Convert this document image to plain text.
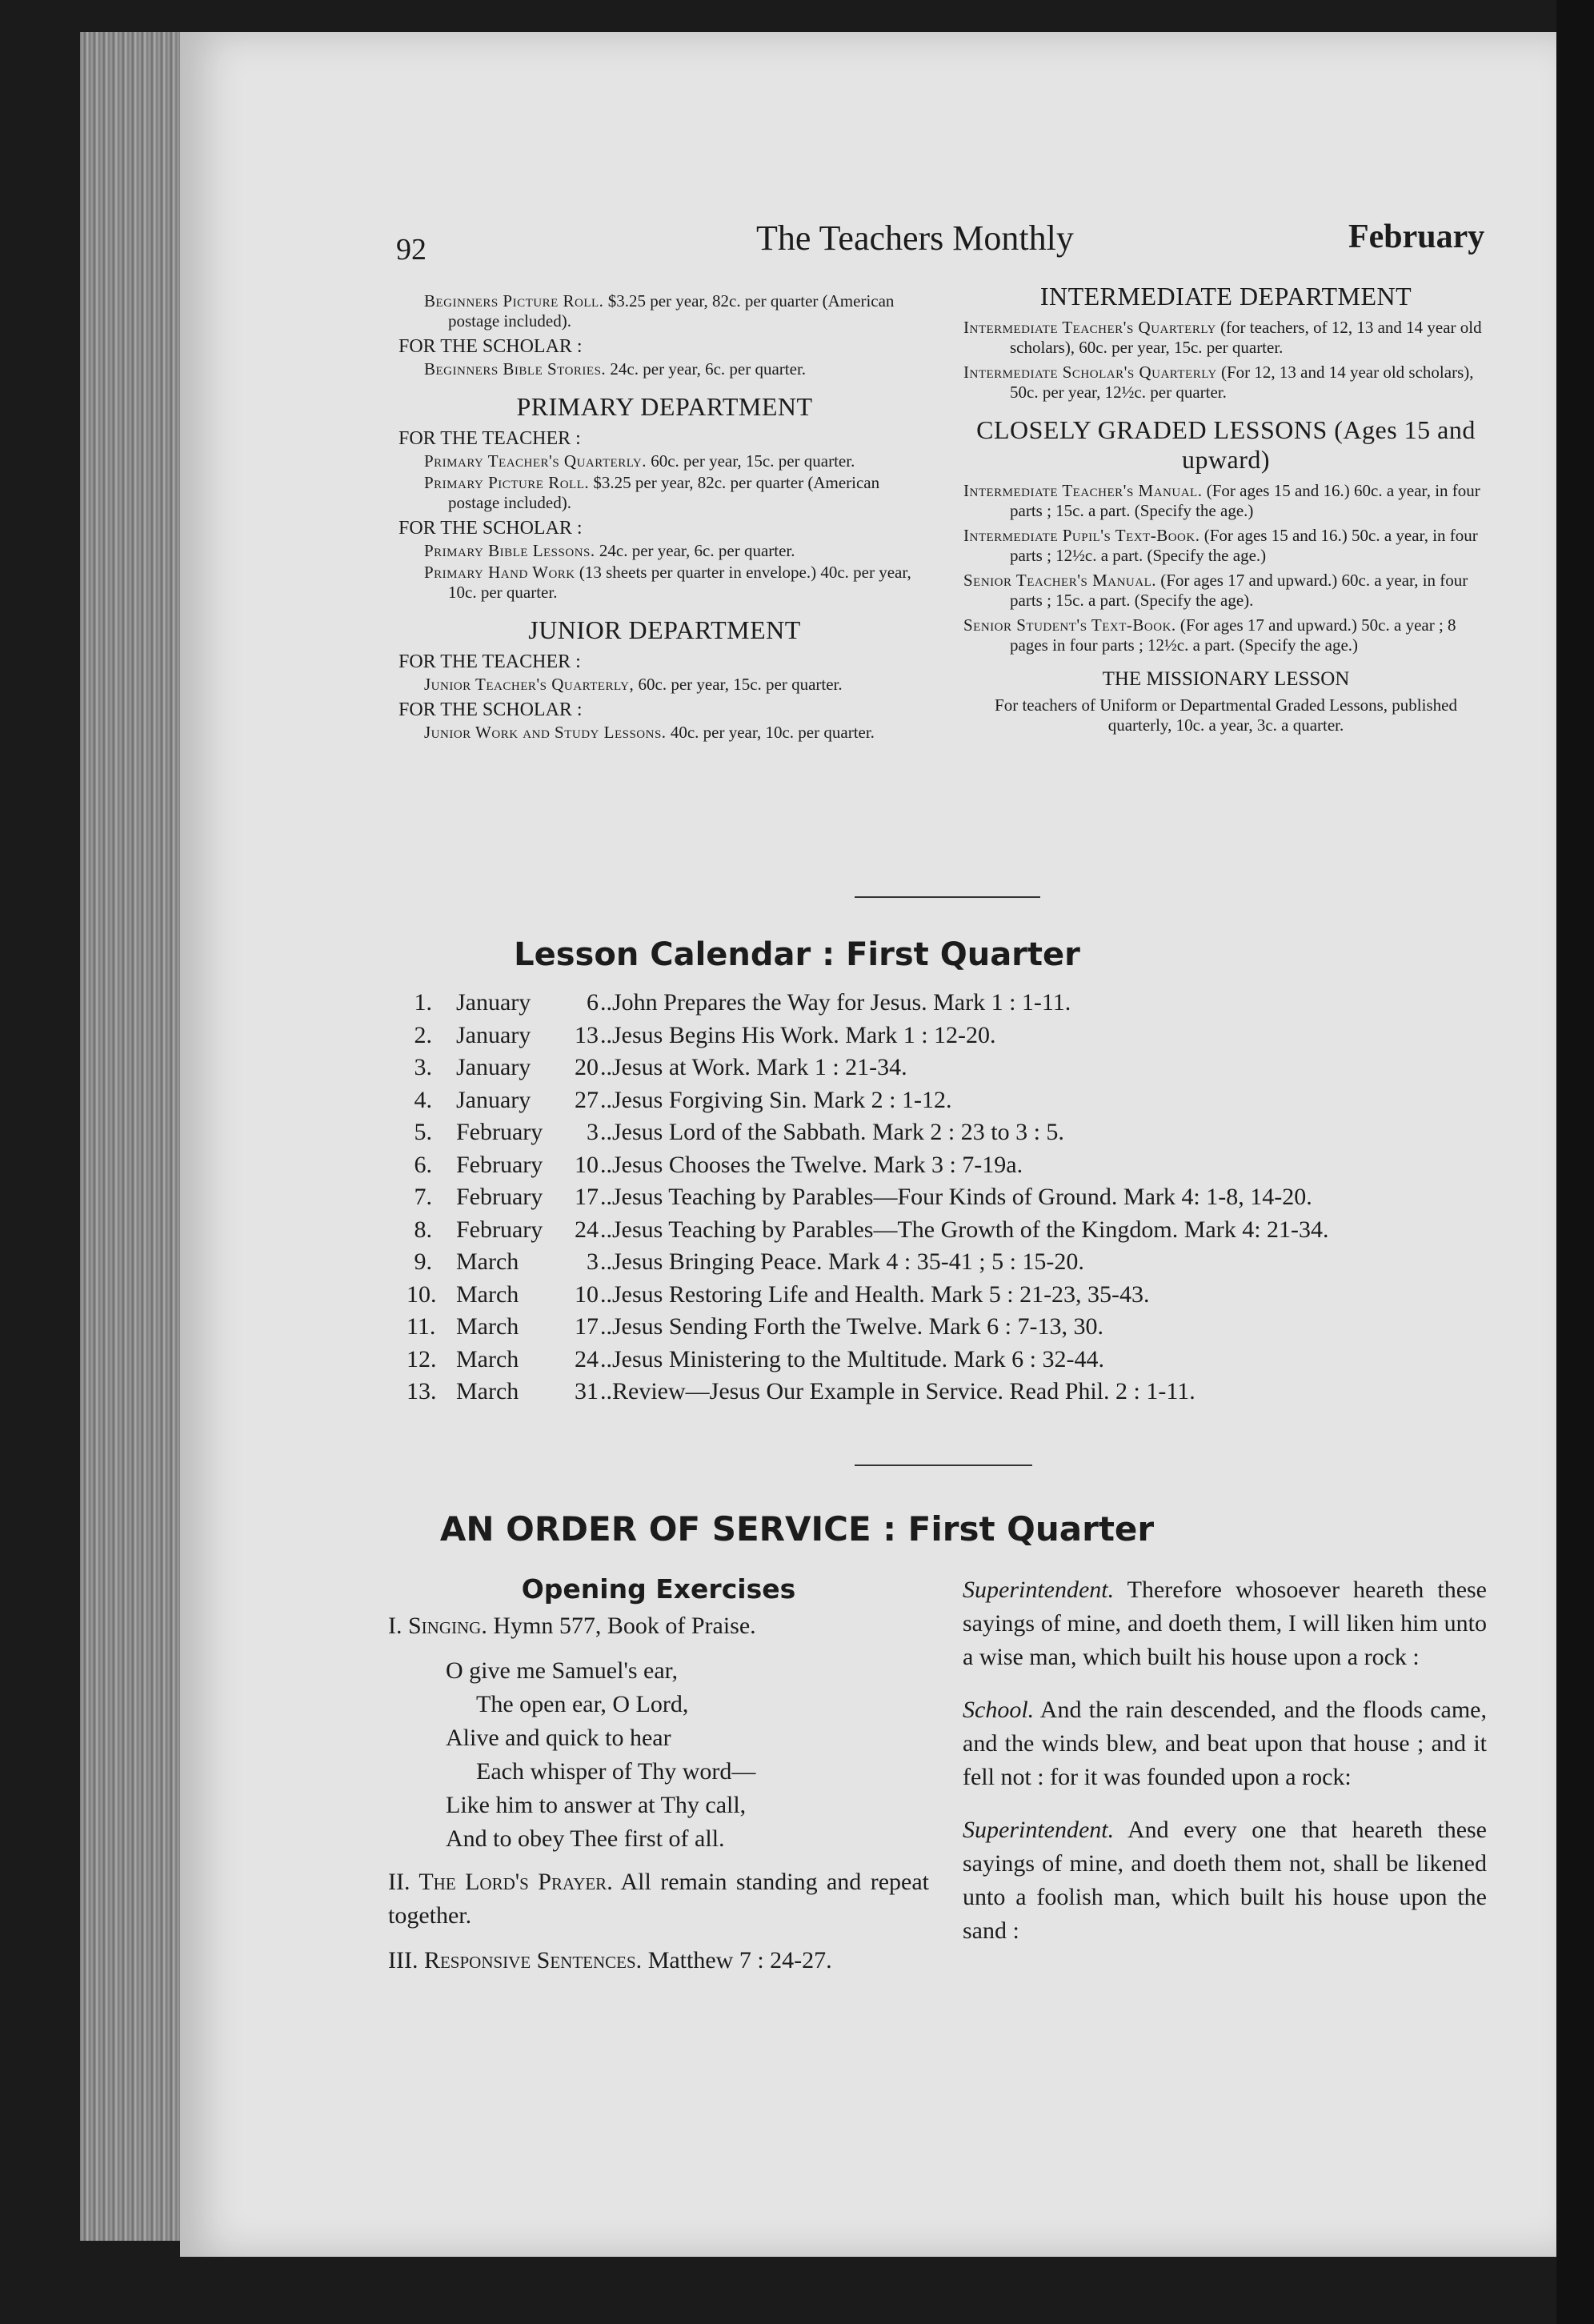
92	The Teachers Monthly	February
Beginners Picture Roll. $3.25 per year, 82c. per quarter (American postage included).
FOR THE SCHOLAR :
Beginners Bible Stories. 24c. per year, 6c. per quarter.
PRIMARY DEPARTMENT
FOR THE TEACHER :
Primary Teacher's Quarterly. 60c. per year, 15c. per quarter.
Primary Picture Roll. $3.25 per year, 82c. per quarter (American postage included).
FOR THE SCHOLAR :
Primary Bible Lessons. 24c. per year, 6c. per quarter.
Primary Hand Work (13 sheets per quarter in envelope.) 40c. per year, 10c. per quarter.
JUNIOR DEPARTMENT
FOR THE TEACHER :
Junior Teacher's Quarterly, 60c. per year, 15c. per quarter.
FOR THE SCHOLAR :
Junior Work and Study Lessons. 40c. per year, 10c. per quarter.
INTERMEDIATE DEPARTMENT
Intermediate Teacher's Quarterly (for teachers, of 12, 13 and 14 year old scholars), 60c. per year, 15c. per quarter.
Intermediate Scholar's Quarterly (For 12, 13 and 14 year old scholars), 50c. per year, 12½c. per quarter.
CLOSELY GRADED LESSONS (Ages 15 and upward)
Intermediate Teacher's Manual. (For ages 15 and 16.) 60c. a year, in four parts ; 15c. a part. (Specify the age.)
Intermediate Pupil's Text-Book. (For ages 15 and 16.) 50c. a year, in four parts ; 12½c. a part. (Specify the age.)
Senior Teacher's Manual. (For ages 17 and upward.) 60c. a year, in four parts ; 15c. a part. (Specify the age).
Senior Student's Text-Book. (For ages 17 and upward.) 50c. a year ; 8 pages in four parts ; 12½c. a part. (Specify the age.)
THE MISSIONARY LESSON
For teachers of Uniform or Departmental Graded Lessons, published quarterly, 10c. a year, 3c. a quarter.
Lesson Calendar : First Quarter
1. January	6 ..John Prepares the Way for Jesus. Mark 1 : 1-11.
2. January	13 ..Jesus Begins His Work. Mark 1 : 12-20.
3. January	20 ..Jesus at Work. Mark 1 : 21-34.
4. January	27 ..Jesus Forgiving Sin. Mark 2 : 1-12.
5. February	3 ..Jesus Lord of the Sabbath. Mark 2 : 23 to 3 : 5.
6. February	10 ..Jesus Chooses the Twelve. Mark 3 : 7-19a.
7. February	17 ..Jesus Teaching by Parables—Four Kinds of Ground. Mark 4: 1-8, 14-20.
8. February	24 ..Jesus Teaching by Parables—The Growth of the Kingdom. Mark 4: 21-34.
9. March	3 ..Jesus Bringing Peace. Mark 4 : 35-41 ; 5 : 15-20.
10. March	10 ..Jesus Restoring Life and Health. Mark 5 : 21-23, 35-43.
11. March	17 ..Jesus Sending Forth the Twelve. Mark 6 : 7-13, 30.
12. March	24 ..Jesus Ministering to the Multitude. Mark 6 : 32-44.
13. March	31 ..Review—Jesus Our Example in Service. Read Phil. 2 : 1-11.
AN ORDER OF SERVICE : First Quarter
Opening Exercises
I. Singing. Hymn 577, Book of Praise.
O give me Samuel's ear,
The open ear, O Lord,
Alive and quick to hear
Each whisper of Thy word—
Like him to answer at Thy call,
And to obey Thee first of all.
II. The Lord's Prayer. All remain standing and repeat together.
III. Responsive Sentences. Matthew 7 : 24-27.
Superintendent. Therefore whosoever heareth these sayings of mine, and doeth them, I will liken him unto a wise man, which built his house upon a rock :
School. And the rain descended, and the floods came, and the winds blew, and beat upon that house ; and it fell not : for it was founded upon a rock:
Superintendent. And every one that heareth these sayings of mine, and doeth them not, shall be likened unto a foolish man, which built his house upon the sand :
